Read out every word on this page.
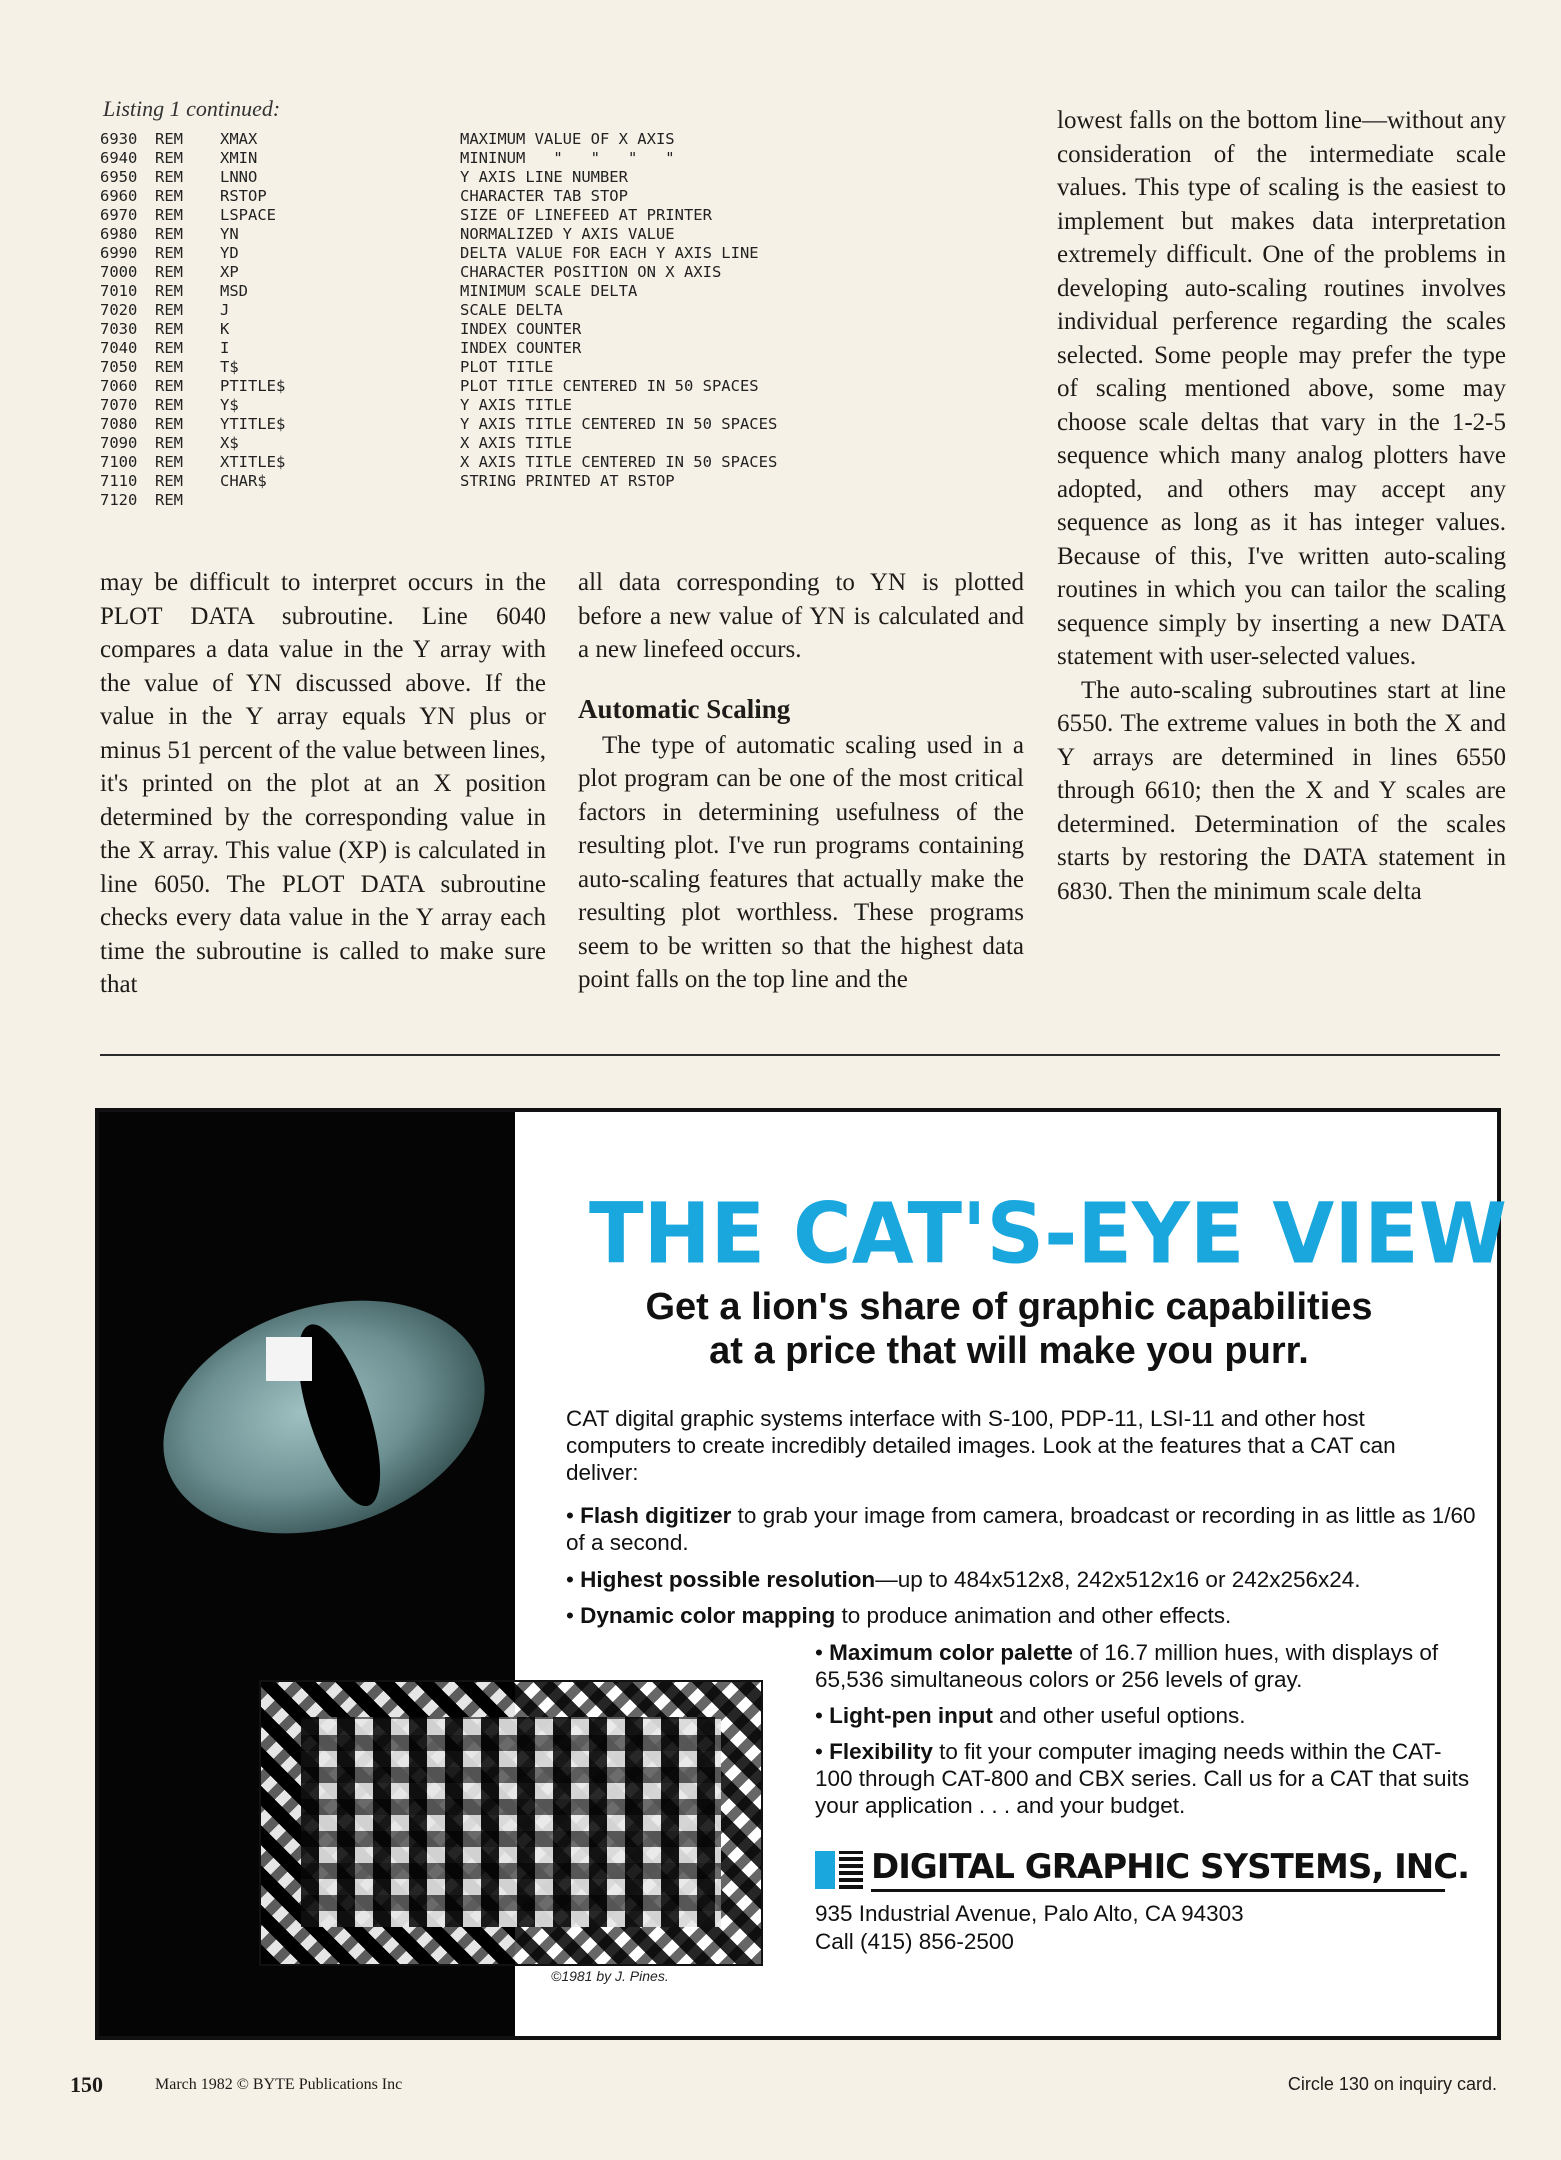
Listing 1 continued:
6930 REM XMAX	MAXIMUM VALUE OF X AXIS
6940 REM XMIN	MININUM   "   "   "   "
6950 REM LNNO	Y AXIS LINE NUMBER
6960 REM RSTOP	CHARACTER TAB STOP
6970 REM LSPACE	SIZE OF LINEFEED AT PRINTER
6980 REM YN	NORMALIZED Y AXIS VALUE
6990 REM YD	DELTA VALUE FOR EACH Y AXIS LINE
7000 REM XP	CHARACTER POSITION ON X AXIS
7010 REM MSD	MINIMUM SCALE DELTA
7020 REM J	SCALE DELTA
7030 REM K	INDEX COUNTER
7040 REM I	INDEX COUNTER
7050 REM T$	PLOT TITLE
7060 REM PTITLE$	PLOT TITLE CENTERED IN 50 SPACES
7070 REM Y$	Y AXIS TITLE
7080 REM YTITLE$	Y AXIS TITLE CENTERED IN 50 SPACES
7090 REM X$	X AXIS TITLE
7100 REM XTITLE$	X AXIS TITLE CENTERED IN 50 SPACES
7110 REM CHAR$	STRING PRINTED AT RSTOP
7120 REM

may be difficult to interpret occurs in the PLOT DATA subroutine. Line 6040 compares a data value in the Y array with the value of YN discussed above. If the value in the Y array equals YN plus or minus 51 percent of the value between lines, it's printed on the plot at an X position determined by the corresponding value in the X array. This value (XP) is calculated in line 6050. The PLOT DATA subroutine checks every data value in the Y array each time the subroutine is called to make sure that

all data corresponding to YN is plotted before a new value of YN is calculated and a new linefeed occurs.

Automatic Scaling

The type of automatic scaling used in a plot program can be one of the most critical factors in determining usefulness of the resulting plot. I've run programs containing auto-scaling features that actually make the resulting plot worthless. These programs seem to be written so that the highest data point falls on the top line and the

lowest falls on the bottom line—without any consideration of the intermediate scale values. This type of scaling is the easiest to implement but makes data interpretation extremely difficult. One of the problems in developing auto-scaling routines involves individual perference regarding the scales selected. Some people may prefer the type of scaling mentioned above, some may choose scale deltas that vary in the 1-2-5 sequence which many analog plotters have adopted, and others may accept any sequence as long as it has integer values. Because of this, I've written auto-scaling routines in which you can tailor the scaling sequence simply by inserting a new DATA statement with user-selected values.

The auto-scaling subroutines start at line 6550. The extreme values in both the X and Y arrays are determined in lines 6550 through 6610; then the X and Y scales are determined. Determination of the scales starts by restoring the DATA statement in 6830. Then the minimum scale delta

©1981 by J. Pines.
THE CAT'S-EYE VIEW
Get a lion's share of graphic capabilities
at a price that will make you purr.
CAT digital graphic systems interface with S-100, PDP-11, LSI-11 and other host computers to create incredibly detailed images. Look at the features that a CAT can deliver:
• Flash digitizer to grab your image from camera, broadcast or recording in as little as 1/60 of a second.
• Highest possible resolution—up to 484x512x8, 242x512x16 or 242x256x24.
• Dynamic color mapping to produce animation and other effects.
• Maximum color palette of 16.7 million hues, with displays of 65,536 simultaneous colors or 256 levels of gray.
• Light-pen input and other useful options.
• Flexibility to fit your computer imaging needs within the CAT-100 through CAT-800 and CBX series. Call us for a CAT that suits your application . . . and your budget.
DIGITAL GRAPHIC SYSTEMS, INC.
935 Industrial Avenue, Palo Alto, CA 94303
Call (415) 856-2500
150	March 1982 © BYTE Publications Inc	Circle 130 on inquiry card.
